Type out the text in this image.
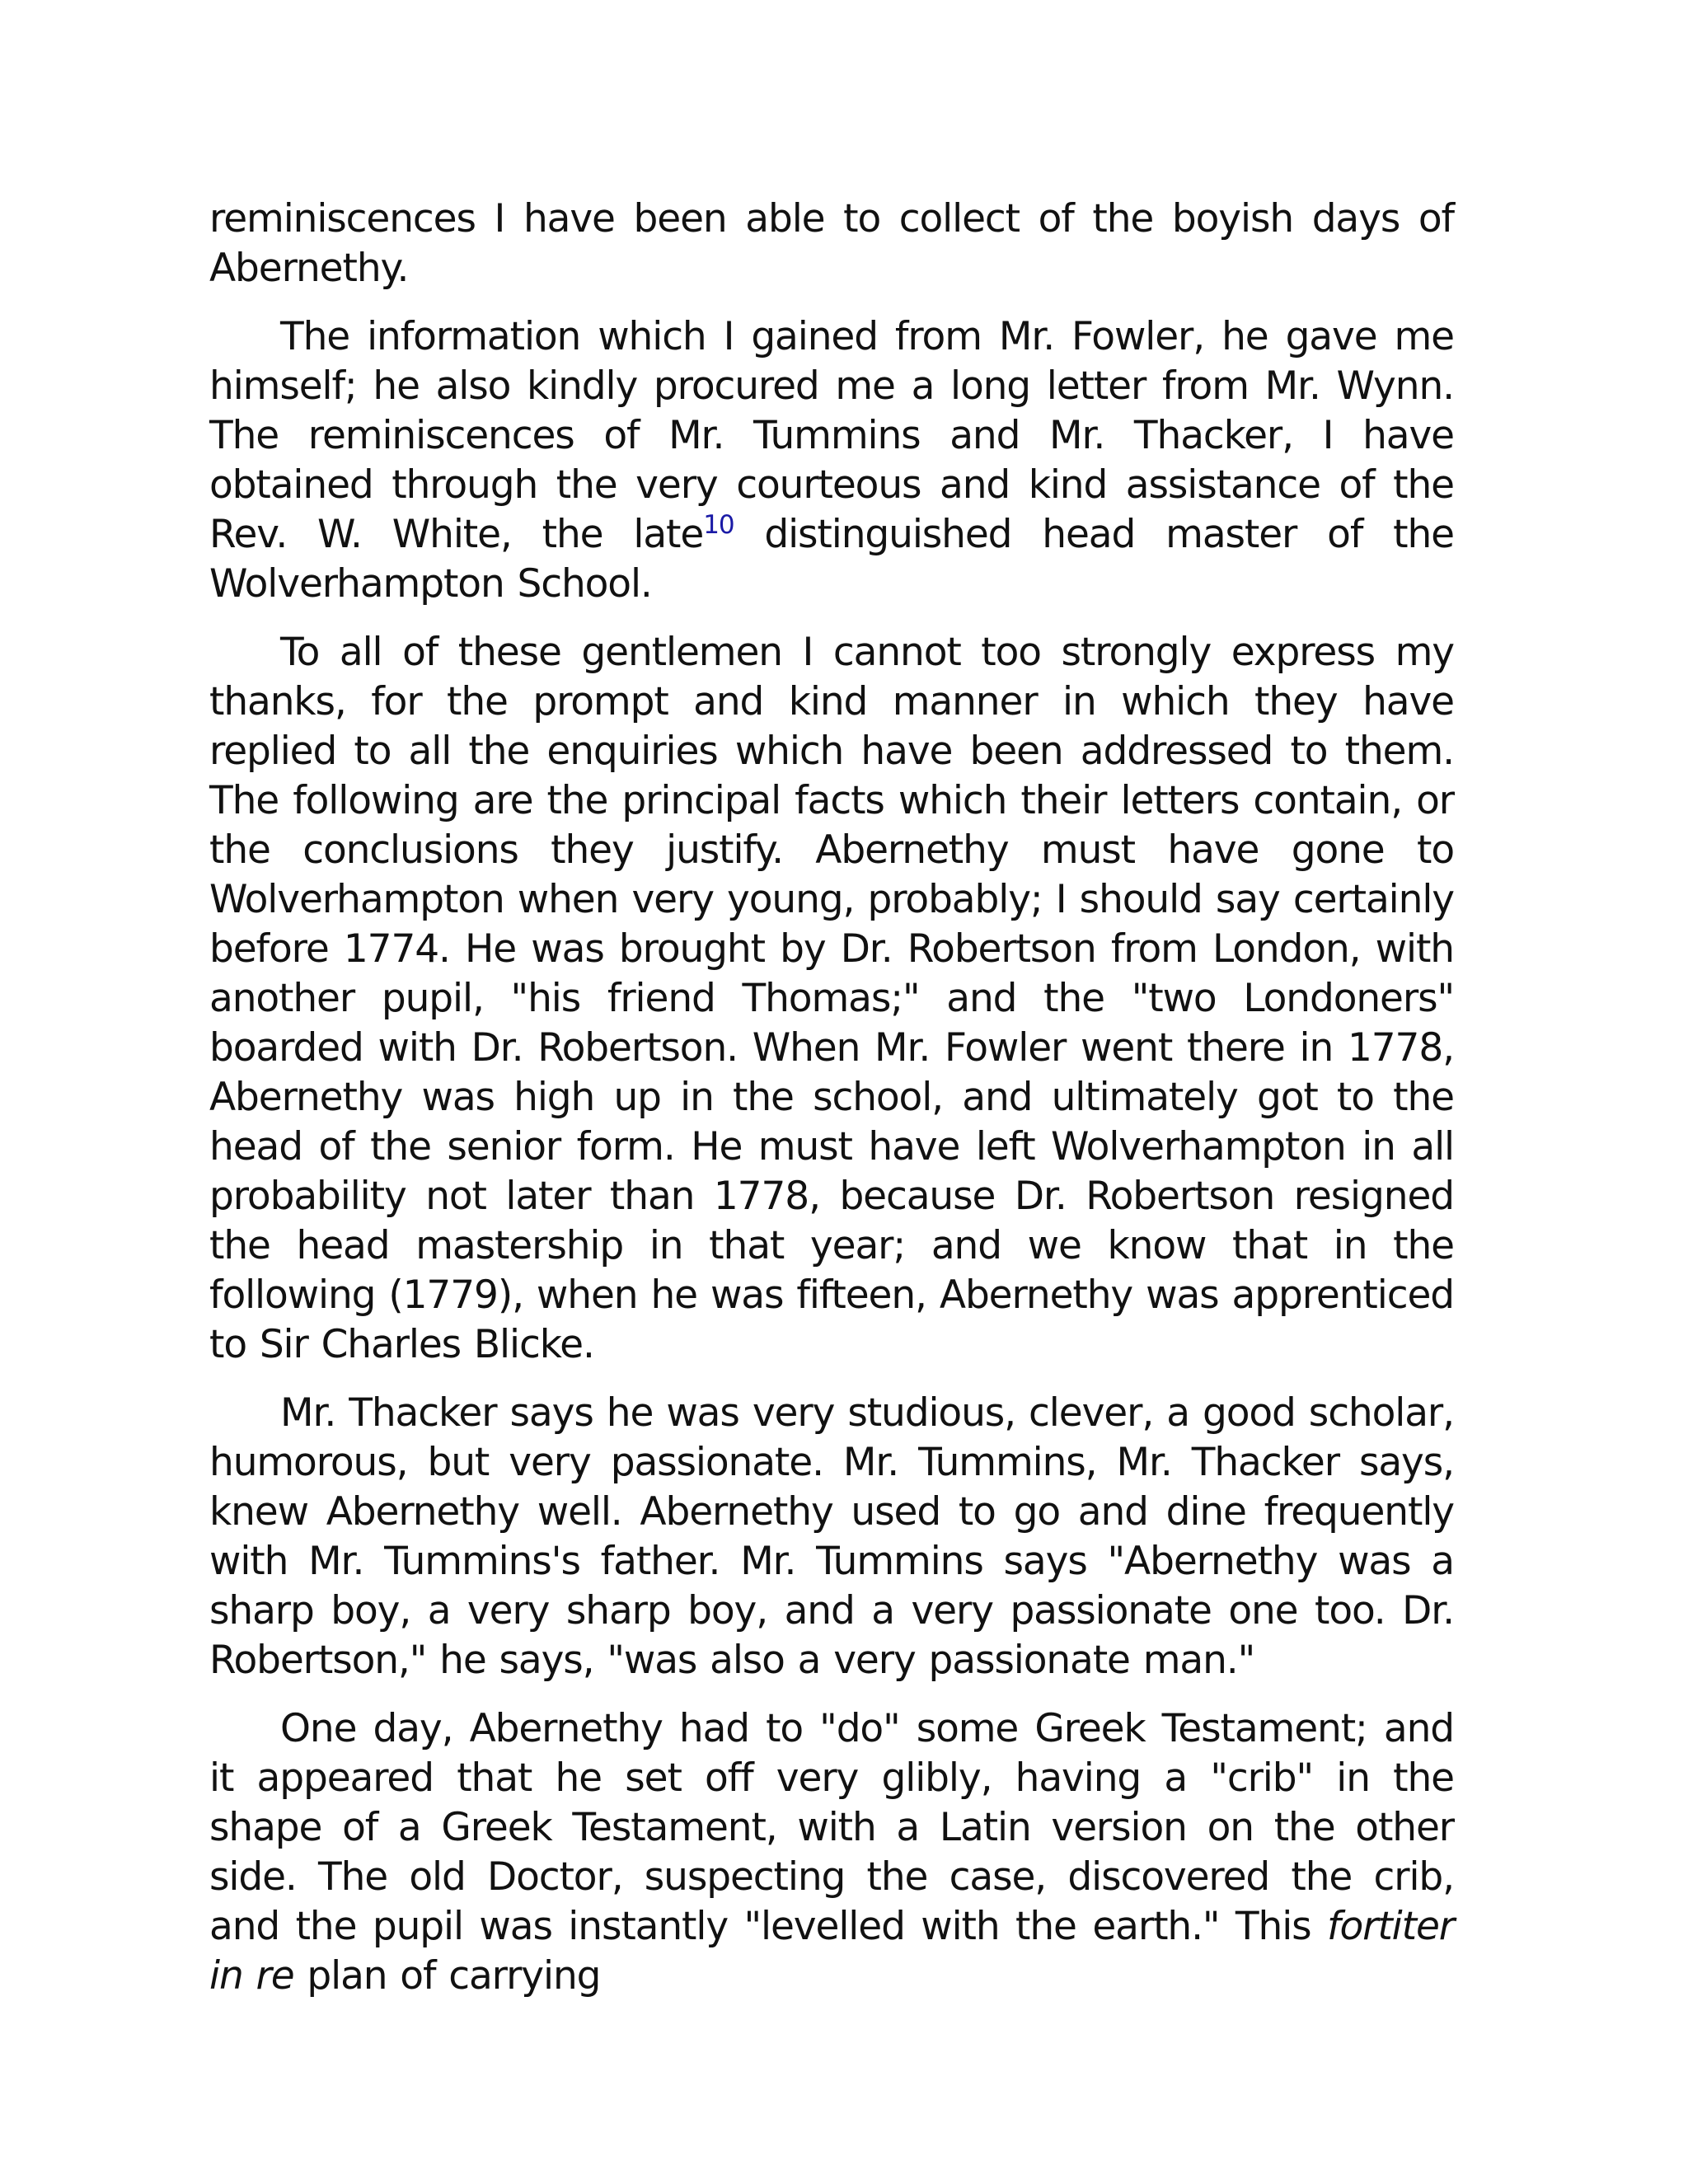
reminiscences I have been able to collect of the boyish days of Abernethy.

The information which I gained from Mr. Fowler, he gave me himself; he also kindly procured me a long letter from Mr. Wynn. The reminiscences of Mr. Tummins and Mr. Thacker, I have obtained through the very courteous and kind assistance of the Rev. W. White, the late$^{10}$ distinguished head master of the Wolverhampton School.

To all of these gentlemen I cannot too strongly express my thanks, for the prompt and kind manner in which they have replied to all the enquiries which have been addressed to them. The following are the principal facts which their letters contain, or the conclusions they justify. Abernethy must have gone to Wolverhampton when very young, probably; I should say certainly before 1774. He was brought by Dr. Robertson from London, with another pupil, "his friend Thomas;" and the "two Londoners" boarded with Dr. Robertson. When Mr. Fowler went there in 1778, Abernethy was high up in the school, and ultimately got to the head of the senior form. He must have left Wolverhampton in all probability not later than 1778, because Dr. Robertson resigned the head mastership in that year; and we know that in the following (1779), when he was fifteen, Abernethy was apprenticed to Sir Charles Blicke.

Mr. Thacker says he was very studious, clever, a good scholar, humorous, but very passionate. Mr. Tummins, Mr. Thacker says, knew Abernethy well. Abernethy used to go and dine frequently with Mr. Tummins's father. Mr. Tummins says "Abernethy was a sharp boy, a very sharp boy, and a very passionate one too. Dr. Robertson," he says, "was also a very passionate man."

One day, Abernethy had to "do" some Greek Testament; and it appeared that he set off very glibly, having a "crib" in the shape of a Greek Testament, with a Latin version on the other side. The old Doctor, suspecting the case, discovered the crib, and the pupil was instantly "levelled with the earth." This fortiter in re plan of carrying
